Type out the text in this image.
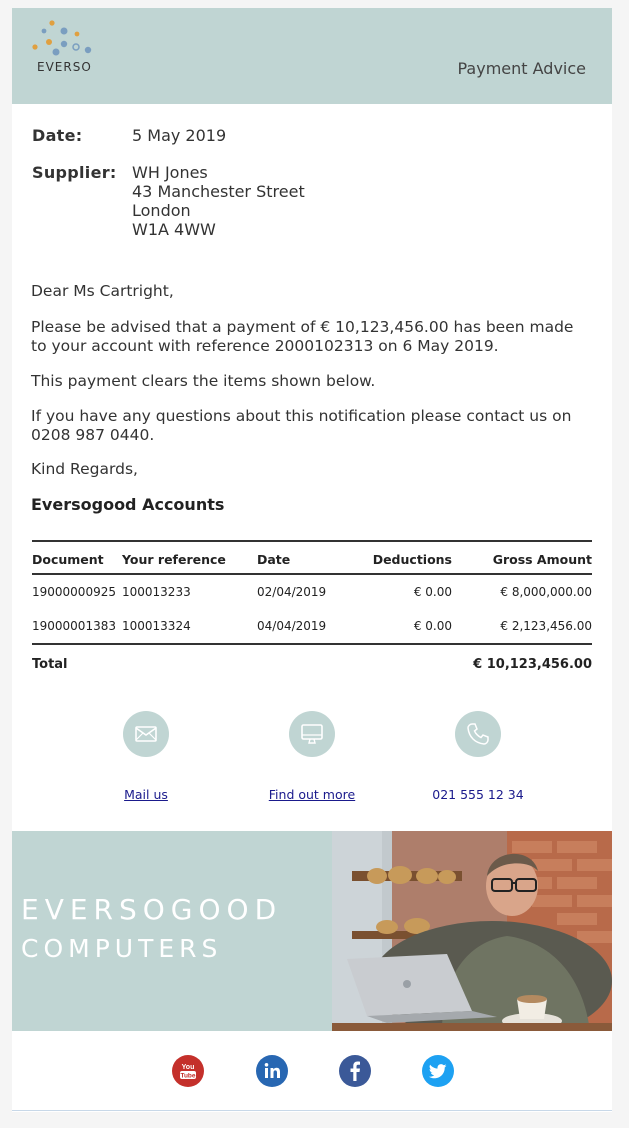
EVERSO	Payment Advice
Date:	5 May 2019
Supplier: WH Jones
43 Manchester Street
London
W1A 4WW
Dear Ms Cartright,
Please be advised that a payment of € 10,123,456.00 has been made to your account with reference 2000102313 on 6 May 2019.
This payment clears the items shown below.
If you have any questions about this notification please contact us on 0208 987 0440.
Kind Regards,
Eversogood Accounts
Document	Your reference	Date	Deductions	Gross Amount
19000000925	100013233	02/04/2019	€ 0.00	€ 8,000,000.00
19000001383	100013324	04/04/2019	€ 0.00	€ 2,123,456.00
Total				€ 10,123,456.00
Mail us	Find out more	021 555 12 34
EVERSOGOOD
COMPUTERS
You
Tube
